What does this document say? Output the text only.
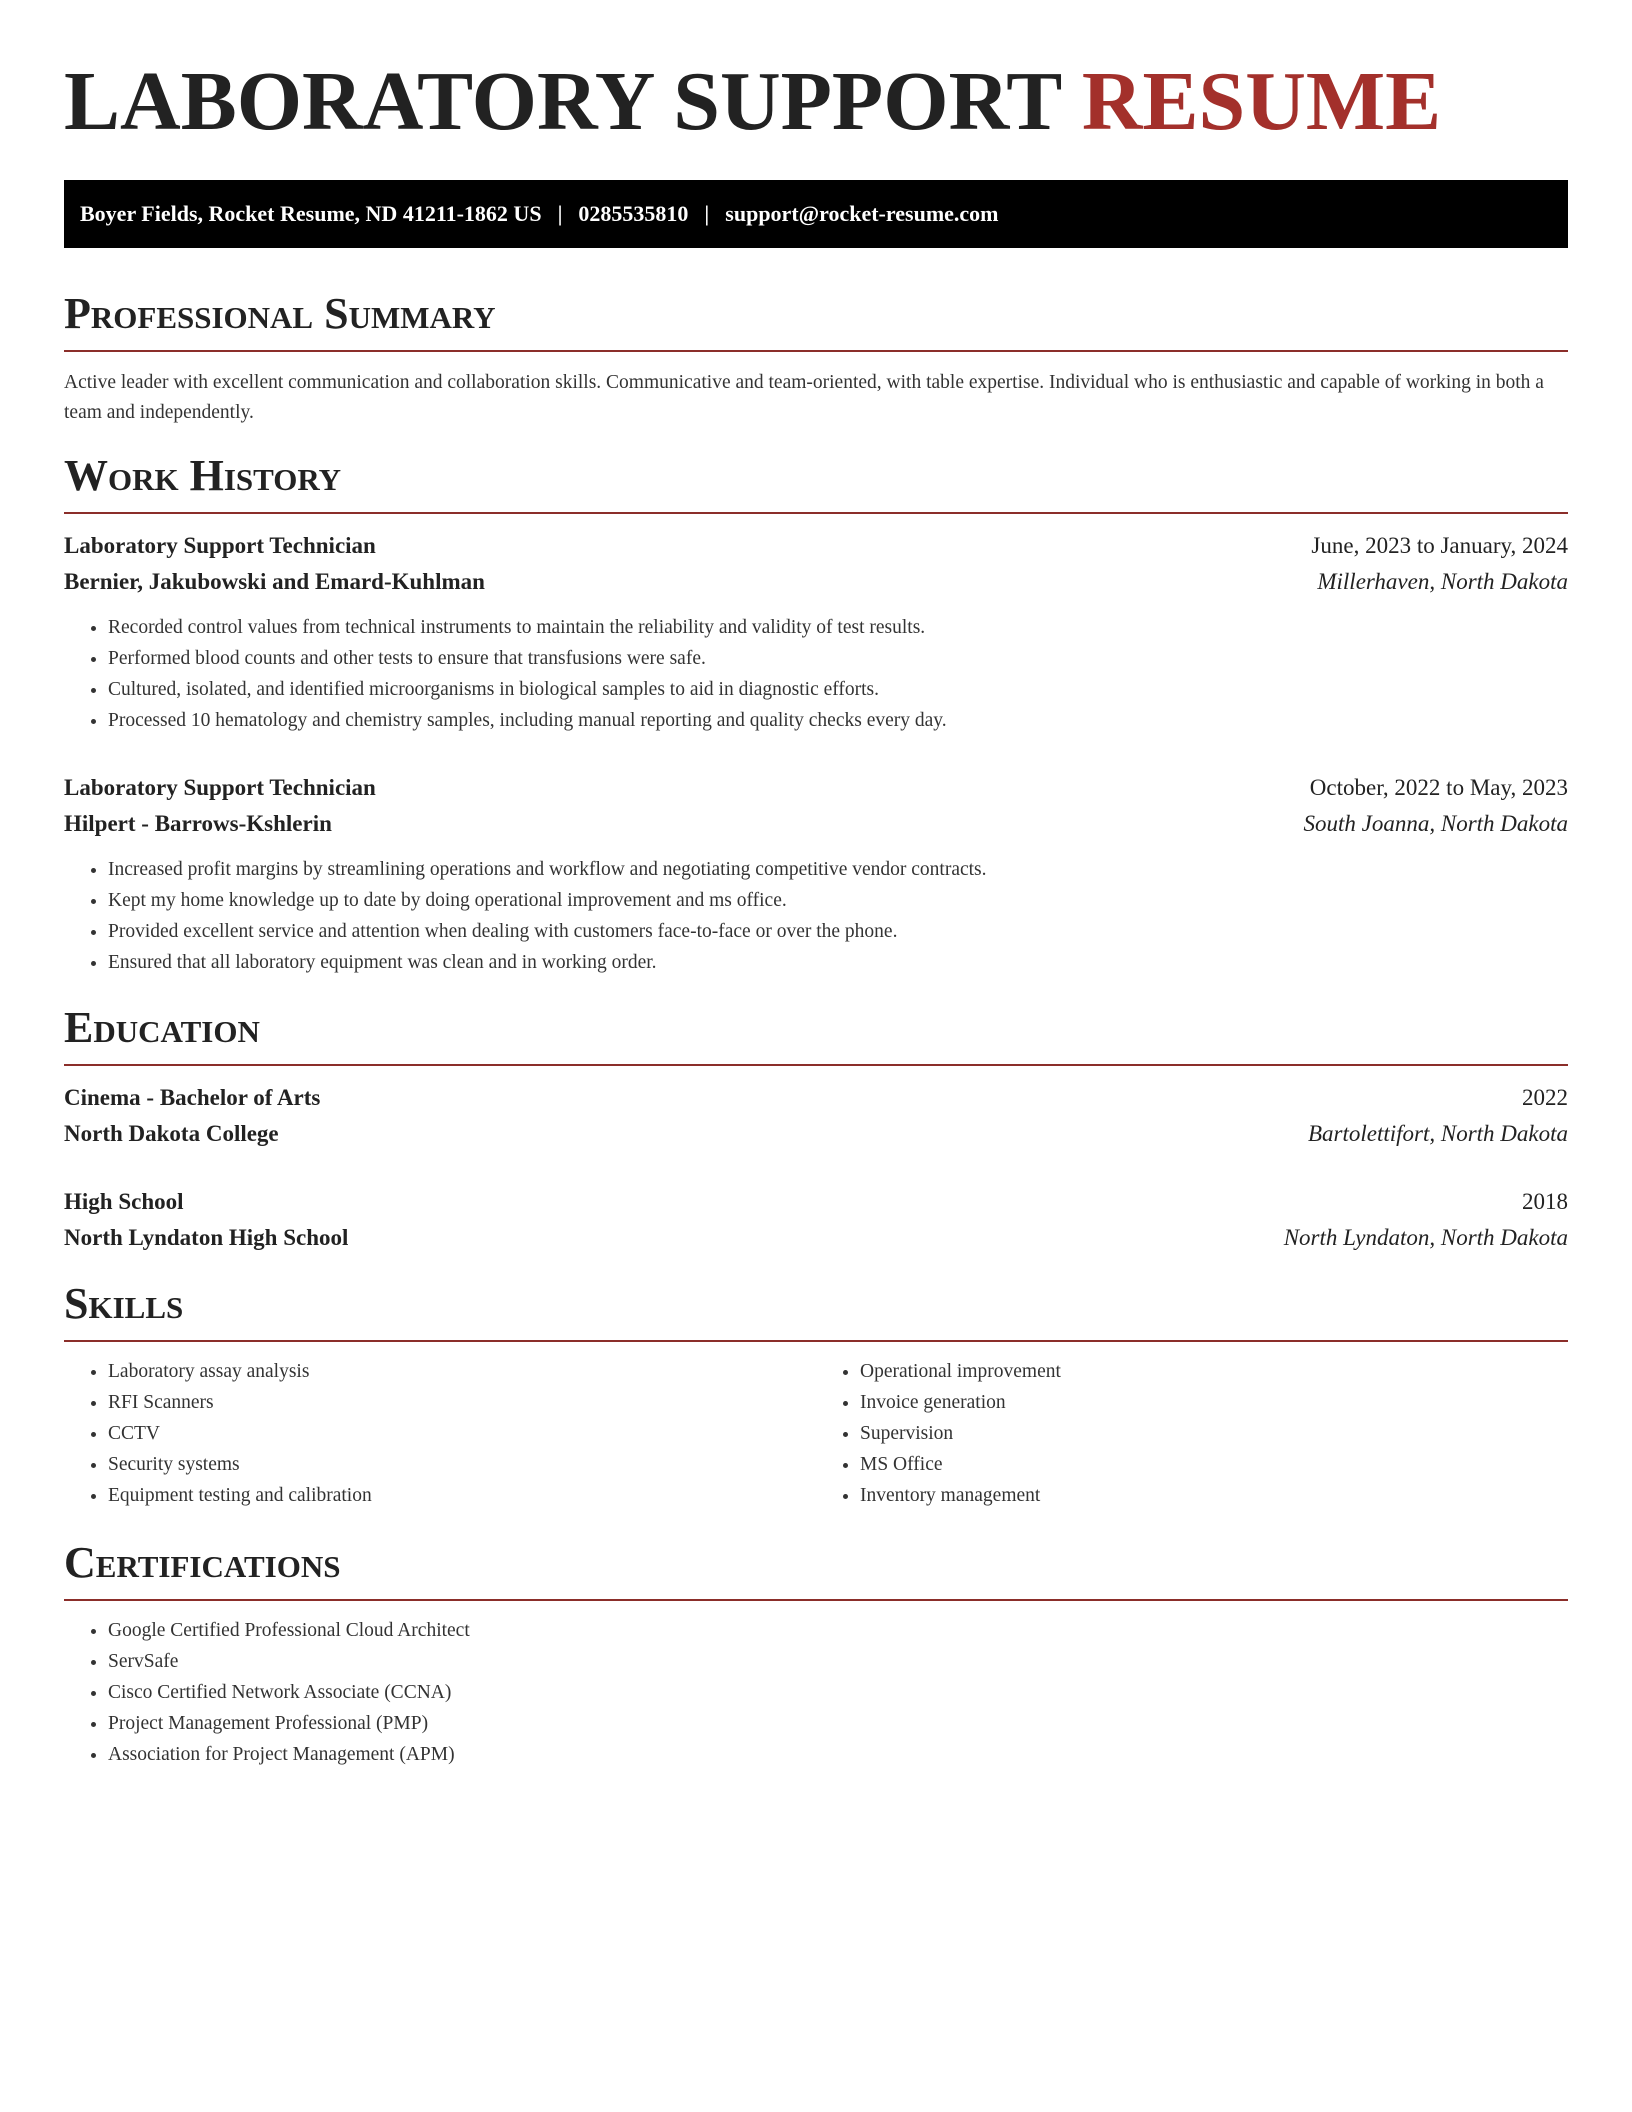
LABORATORY SUPPORT RESUME
Boyer Fields, Rocket Resume, ND 41211-1862 US | 0285535810 | support@rocket-resume.com
Professional Summary
Active leader with excellent communication and collaboration skills. Communicative and team-oriented, with table expertise. Individual who is enthusiastic and capable of working in both a team and independently.
Work History
Laboratory Support Technician	June, 2023 to January, 2024
Bernier, Jakubowski and Emard-Kuhlman	Millerhaven, North Dakota
• Recorded control values from technical instruments to maintain the reliability and validity of test results.
• Performed blood counts and other tests to ensure that transfusions were safe.
• Cultured, isolated, and identified microorganisms in biological samples to aid in diagnostic efforts.
• Processed 10 hematology and chemistry samples, including manual reporting and quality checks every day.
Laboratory Support Technician	October, 2022 to May, 2023
Hilpert - Barrows-Kshlerin	South Joanna, North Dakota
• Increased profit margins by streamlining operations and workflow and negotiating competitive vendor contracts.
• Kept my home knowledge up to date by doing operational improvement and ms office.
• Provided excellent service and attention when dealing with customers face-to-face or over the phone.
• Ensured that all laboratory equipment was clean and in working order.
Education
Cinema - Bachelor of Arts	2022
North Dakota College	Bartolettifort, North Dakota
High School	2018
North Lyndaton High School	North Lyndaton, North Dakota
Skills
• Laboratory assay analysis
• RFI Scanners
• CCTV
• Security systems
• Equipment testing and calibration
• Operational improvement
• Invoice generation
• Supervision
• MS Office
• Inventory management
Certifications
• Google Certified Professional Cloud Architect
• ServSafe
• Cisco Certified Network Associate (CCNA)
• Project Management Professional (PMP)
• Association for Project Management (APM)
